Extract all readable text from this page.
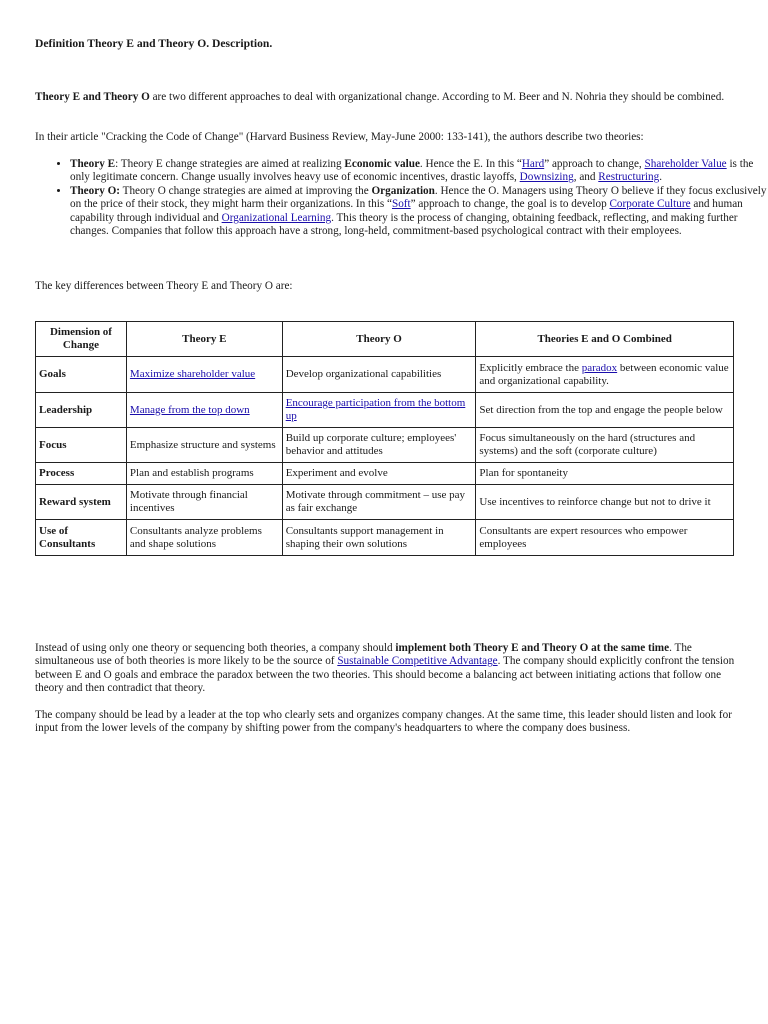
Definition Theory E and Theory O. Description.

Theory E and Theory O are two different approaches to deal with organizational change. According to M. Beer and N. Nohria they should be combined.

In their article "Cracking the Code of Change" (Harvard Business Review, May-June 2000: 133-141), the authors describe two theories:

• Theory E: Theory E change strategies are aimed at realizing Economic value. Hence the E. In this “Hard” approach to change, Shareholder Value is the only legitimate concern. Change usually involves heavy use of economic incentives, drastic layoffs, Downsizing, and Restructuring.
• Theory O: Theory O change strategies are aimed at improving the Organization. Hence the O. Managers using Theory O believe if they focus exclusively on the price of their stock, they might harm their organizations. In this “Soft” approach to change, the goal is to develop Corporate Culture and human capability through individual and Organizational Learning. This theory is the process of changing, obtaining feedback, reflecting, and making further changes. Companies that follow this approach have a strong, long-held, commitment-based psychological contract with their employees.

The key differences between Theory E and Theory O are:

Dimension of Change	Theory E	Theory O	Theories E and O Combined
Goals	Maximize shareholder value	Develop organizational capabilities	Explicitly embrace the paradox between economic value and organizational capability.
Leadership	Manage from the top down	Encourage participation from the bottom up	Set direction from the top and engage the people below
Focus	Emphasize structure and systems	Build up corporate culture; employees' behavior and attitudes	Focus simultaneously on the hard (structures and systems) and the soft (corporate culture)
Process	Plan and establish programs	Experiment and evolve	Plan for spontaneity
Reward system	Motivate through financial incentives	Motivate through commitment – use pay as fair exchange	Use incentives to reinforce change but not to drive it
Use of Consultants	Consultants analyze problems and shape solutions	Consultants support management in shaping their own solutions	Consultants are expert resources who empower employees

Instead of using only one theory or sequencing both theories, a company should implement both Theory E and Theory O at the same time. The simultaneous use of both theories is more likely to be the source of Sustainable Competitive Advantage. The company should explicitly confront the tension between E and O goals and embrace the paradox between the two theories. This should become a balancing act between initiating actions that follow one theory and then contradict that theory.

The company should be lead by a leader at the top who clearly sets and organizes company changes. At the same time, this leader should listen and look for input from the lower levels of the company by shifting power from the company's headquarters to where the company does business.
